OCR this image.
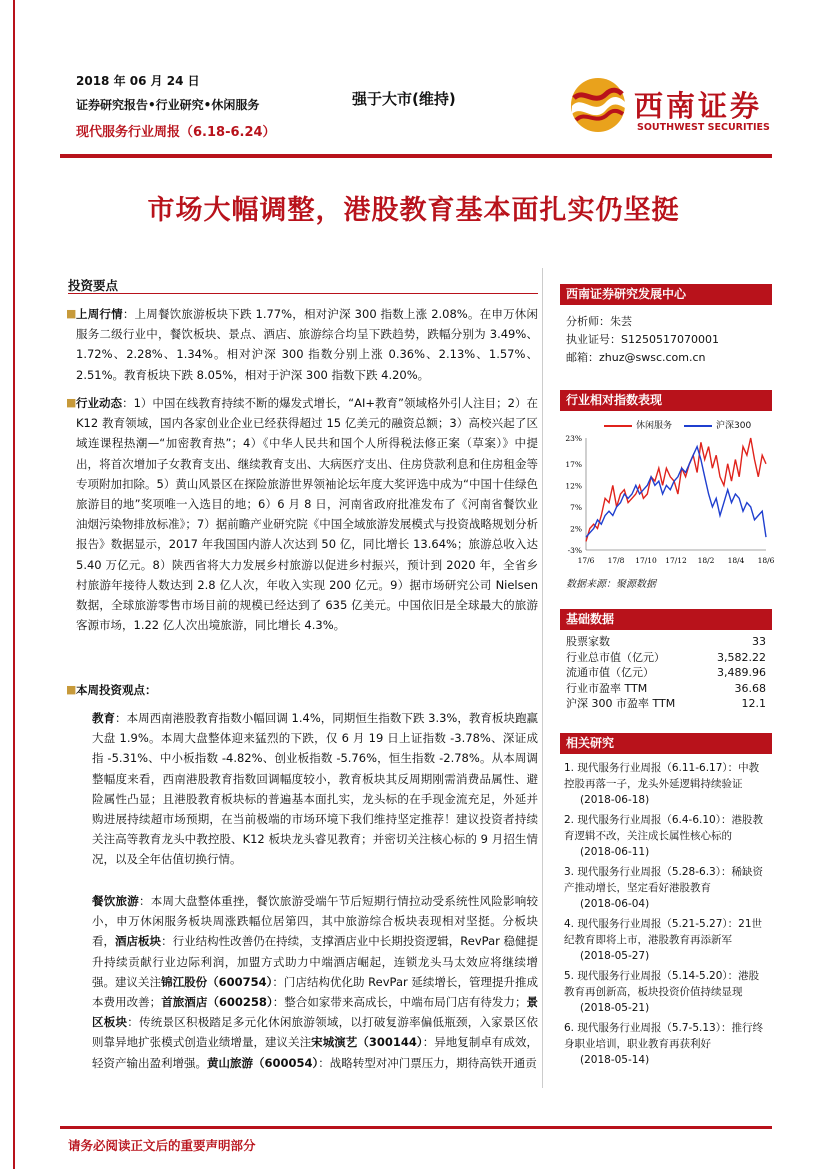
2018 年 06 月 24 日
证券研究报告•行业研究•休闲服务
现代服务行业周报（6.18-6.24）
强于大市(维持)	西南证券
SOUTHWEST SECURITIES
市场大幅调整，港股教育基本面扎实仍坚挺
投资要点
■ 上周行情：上周餐饮旅游板块下跌 1.77%，相对沪深 300 指数上涨 2.08%。在申万休闲服务二级行业中，餐饮板块、景点、酒店、旅游综合均呈下跌趋势，跌幅分别为 3.49%、1.72%、2.28%、1.34%。相对沪深 300 指数分别上涨 0.36%、2.13%、1.57%、2.51%。教育板块下跌 8.05%，相对于沪深 300 指数下跌 4.20%。
■ 行业动态：1）中国在线教育持续不断的爆发式增长，“AI+教育”领域格外引人注目；2）在 K12 教育领域，国内各家创业企业已经获得超过 15 亿美元的融资总额；3）高校兴起了区域连课程热潮—“加密教育热”；4）《中华人民共和国个人所得税法修正案（草案）》中提出，将首次增加子女教育支出、继续教育支出、大病医疗支出、住房贷款利息和住房租金等专项附加扣除。5）黄山风景区在探险旅游世界领袖论坛年度大奖评选中成为“中国十佳绿色旅游目的地”奖项唯一入选目的地；6）6 月 8 日，河南省政府批准发布了《河南省餐饮业油烟污染物排放标准》；7）据前瞻产业研究院《中国全域旅游发展模式与投资战略规划分析报告》数据显示，2017 年我国国内游人次达到 50 亿，同比增长 13.64%；旅游总收入达 5.40 万亿元。8）陕西省将大力发展乡村旅游以促进乡村振兴，预计到 2020 年，全省乡村旅游年接待人数达到 2.8 亿人次，年收入实现 200 亿元。9）据市场研究公司 Nielsen 数据，全球旅游零售市场目前的规模已经达到了 635 亿美元。中国依旧是全球最大的旅游客源市场，1.22 亿人次出境旅游，同比增长 4.3%。
■ 本周投资观点：
教育：本周西南港股教育指数小幅回调 1.4%，同期恒生指数下跌 3.3%，教育板块跑赢大盘 1.9%。本周大盘整体迎来猛烈的下跌，仅 6 月 19 日上证指数 -3.78%、深证成指 -5.31%、中小板指数 -4.82%、创业板指数 -5.76%，恒生指数 -2.78%。从本周调整幅度来看，西南港股教育指数回调幅度较小，教育板块其反周期刚需消费品属性、避险属性凸显；且港股教育板块标的普遍基本面扎实，龙头标的在手现金流充足，外延并购进展持续超市场预期，在当前极端的市场环境下我们维持坚定推荐！建议投资者持续关注高等教育龙头中教控股、K12 板块龙头睿见教育；并密切关注核心标的 9 月招生情况，以及全年估值切换行情。
餐饮旅游：本周大盘整体重挫，餐饮旅游受端午节后短期行情拉动受系统性风险影响较小，申万休闲服务板块周涨跌幅位居第四，其中旅游综合板块表现相对坚挺。分板块看，酒店板块：行业结构性改善仍在持续，支撑酒店业中长期投资逻辑，RevPar 稳健提升持续贡献行业边际利润，加盟方式助力中端酒店崛起，连锁龙头马太效应将继续增强。建议关注锦江股份（600754）：门店结构优化助 RevPar 延续增长，管理提升推成本费用改善；首旅酒店（600258）：整合如家带来高成长，中端布局门店有待发力；景区板块：传统景区积极踏足多元化休闲旅游领域，以打破复游率偏低瓶颈，入家景区依则靠异地扩张模式创造业绩增量，建议关注宋城演艺（300144）：异地复制卓有成效，轻资产输出盈利增强。黄山旅游（600054）：战略转型对冲门票压力，期待高铁开通贡
西南证券研究发展中心
分析师：朱芸
执业证号：S1250517070001
邮箱：zhuz@swsc.com.cn
行业相对指数表现
休闲服务	沪深300
23%
17%
12%
7%
2%
-3%
17/6 17/8 17/10 17/12 18/2 18/4 18/6
数据来源：聚源数据
基础数据
股票家数	33
行业总市值（亿元）	3,582.22
流通市值（亿元）	3,489.96
行业市盈率 TTM	36.68
沪深 300 市盈率 TTM	12.1
相关研究
1. 现代服务行业周报（6.11-6.17）：中教控股再落一子，龙头外延逻辑持续验证
(2018-06-18)
2. 现代服务行业周报（6.4-6.10）：港股教育逻辑不改，关注成长属性核心标的
(2018-06-11)
3. 现代服务行业周报（5.28-6.3）：稀缺资产推动增长，坚定看好港股教育
(2018-06-04)
4. 现代服务行业周报（5.21-5.27）：21世纪教育即将上市，港股教育再添新军
(2018-05-27)
5. 现代服务行业周报（5.14-5.20）：港股教育再创新高，板块投资价值持续显现
(2018-05-21)
6. 现代服务行业周报（5.7-5.13）：推行终身职业培训，职业教育再获利好
(2018-05-14)
请务必阅读正文后的重要声明部分
